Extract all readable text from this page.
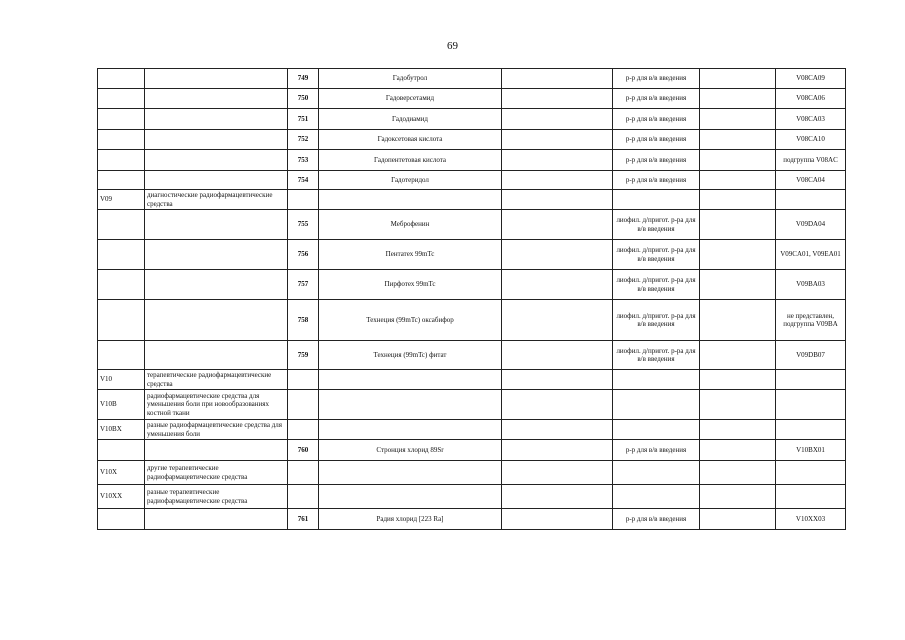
69
		749	Гадобутрол		р-р для в/в введения		V08CA09
		750	Гадоверсетамид		р-р для в/в введения		V08CA06
		751	Гадодиамид		р-р для в/в введения		V08CA03
		752	Гадоксетовая кислота		р-р для в/в введения		V08CA10
		753	Гадопентетовая кислота		р-р для в/в введения		подгруппа V08AC
		754	Гадотеридол		р-р для в/в введения		V08CA04
V09	диагностические радиофармацевтические средства						
		755	Меброфенин		лиофил. д/пригот. р-ра для в/в введения		V09DA04
		756	Пентатех 99mTc		лиофил. д/пригот. р-ра для в/в введения		V09CA01, V09EA01
		757	Пирфотех 99mTc		лиофил. д/пригот. р-ра для в/в введения		V09BA03
		758	Технеция (99mTc) оксабифор		лиофил. д/пригот. р-ра для в/в введения		не представлен, подгруппа V09BA
		759	Технеция (99mTc) фитат		лиофил. д/пригот. р-ра для в/в введения		V09DB07
V10	терапевтические радиофармацевтические средства						
V10B	радиофармацевтические средства для уменьшения боли при новообразованиях костной ткани						
V10BX	разные радиофармацевтические средства для уменьшения боли						
		760	Стронция хлорид 89Sr		р-р для в/в введения		V10BX01
V10X	другие терапевтические радиофармацевтические средства						
V10XX	разные терапевтические радиофармацевтические средства						
		761	Радия хлорид [223 Ra]		р-р для в/в введения		V10XX03
